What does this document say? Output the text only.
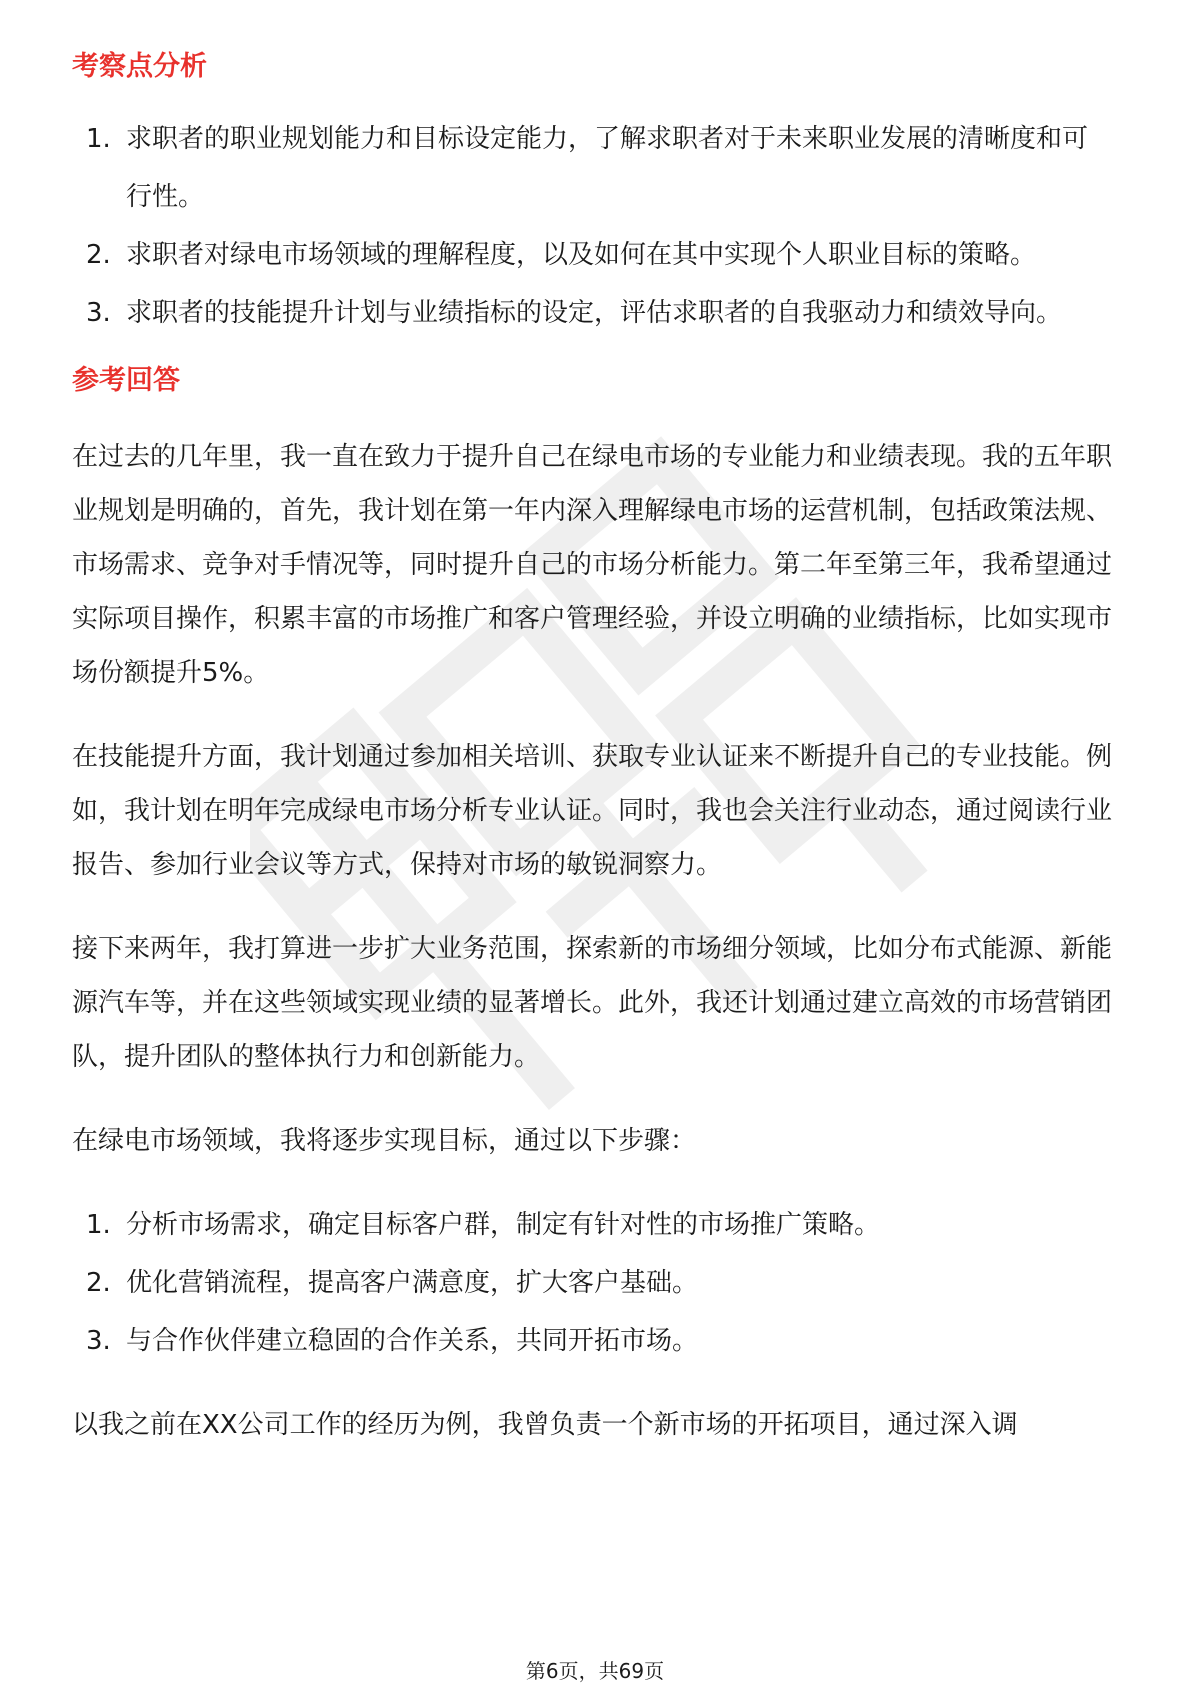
考察点分析
1. 求职者的职业规划能力和目标设定能力，了解求职者对于未来职业发展的清晰度和可行性。
2. 求职者对绿电市场领域的理解程度，以及如何在其中实现个人职业目标的策略。
3. 求职者的技能提升计划与业绩指标的设定，评估求职者的自我驱动力和绩效导向。
参考回答

在过去的几年里，我一直在致力于提升自己在绿电市场的专业能力和业绩表现。我的五年职业规划是明确的，首先，我计划在第一年内深入理解绿电市场的运营机制，包括政策法规、市场需求、竞争对手情况等，同时提升自己的市场分析能力。第二年至第三年，我希望通过实际项目操作，积累丰富的市场推广和客户管理经验，并设立明确的业绩指标，比如实现市场份额提升5%。

在技能提升方面，我计划通过参加相关培训、获取专业认证来不断提升自己的专业技能。例如，我计划在明年完成绿电市场分析专业认证。同时，我也会关注行业动态，通过阅读行业报告、参加行业会议等方式，保持对市场的敏锐洞察力。

接下来两年，我打算进一步扩大业务范围，探索新的市场细分领域，比如分布式能源、新能源汽车等，并在这些领域实现业绩的显著增长。此外，我还计划通过建立高效的市场营销团队，提升团队的整体执行力和创新能力。

在绿电市场领域，我将逐步实现目标，通过以下步骤：

1. 分析市场需求，确定目标客户群，制定有针对性的市场推广策略。
2. 优化营销流程，提高客户满意度，扩大客户基础。
3. 与合作伙伴建立稳固的合作关系，共同开拓市场。

以我之前在XX公司工作的经历为例，我曾负责一个新市场的开拓项目，通过深入调

第6页，共69页
